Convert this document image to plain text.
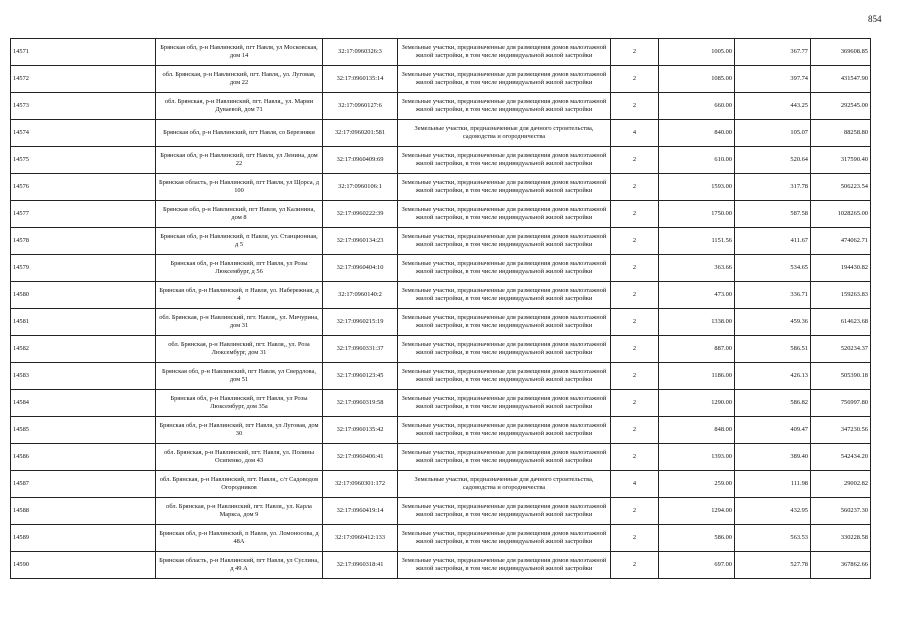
854
14571	Брянская обл, р-н Навлинский, пгт Навля, ул Московская, дом 14	32:17:0960326:3	Земельные участки, предназначенные для размещения домов малоэтажной жилой застройки, в том числе индивидуальной жилой застройки	2	1005.00	367.77	369608.85
14572	обл. Брянская, р-н Навлинский, пгт. Навля,, ул. Луговая, дом 22	32:17:0960135:14	Земельные участки, предназначенные для размещения домов малоэтажной жилой застройки, в том числе индивидуальной жилой застройки	2	1085.00	397.74	431547.90
14573	обл. Брянская, р-н Навлинский, пгт. Навля,, ул. Марии Дуваевой, дом 71	32:17:0960127:6	Земельные участки, предназначенные для размещения домов малоэтажной жилой застройки, в том числе индивидуальной жилой застройки	2	660.00	443.25	292545.00
14574	Брянская обл, р-н Навлинский, пгт Навля, сo Березняки	32:17:0960201:581	Земельные участки, предназначенные для дачного строительства, садоводства и огородничества	4	840.00	105.07	88258.80
14575	Брянская обл, р-н Навлинский, пгт Навля, ул Ленина, дом 22	32:17:0960409:69	Земельные участки, предназначенные для размещения домов малоэтажной жилой застройки, в том числе индивидуальной жилой застройки	2	610.00	520.64	317590.40
14576	Брянская область, р-н Навлинский, пгт Навля, ул Щорса, д 100	32:17:0960106:1	Земельные участки, предназначенные для размещения домов малоэтажной жилой застройки, в том числе индивидуальной жилой застройки	2	1593.00	317.78	506223.54
14577	Брянская обл, р-н Навлинский, пгт Навля, ул Калинина, дом 8	32:17:0960222:39	Земельные участки, предназначенные для размещения домов малоэтажной жилой застройки, в том числе индивидуальной жилой застройки	2	1750.00	587.58	1028265.00
14578	Брянская обл, р-н Навлинский, п Навля, ул. Станционная, д 5	32:17:0960134:23	Земельные участки, предназначенные для размещения домов малоэтажной жилой застройки, в том числе индивидуальной жилой застройки	2	1151.56	411.67	474062.71
14579	Брянская обл, р-н Навлинский, пгт Навля, ул Розы Люксембург, д 56	32:17:0960404:10	Земельные участки, предназначенные для размещения домов малоэтажной жилой застройки, в том числе индивидуальной жилой застройки	2	363.66	534.65	194430.82
14580	Брянская обл, р-н Навлинский, п Навля, ул. Набережная, д 4	32:17:0960140:2	Земельные участки, предназначенные для размещения домов малоэтажной жилой застройки, в том числе индивидуальной жилой застройки	2	473.00	336.71	159263.83
14581	обл. Брянская, р-н Навлинский, пгт. Навля,, ул. Мичурина, дом 31	32:17:0960215:19	Земельные участки, предназначенные для размещения домов малоэтажной жилой застройки, в том числе индивидуальной жилой застройки	2	1338.00	459.36	614623.68
14582	обл. Брянская, р-н Навлинский, пгт. Навля,, ул. Роза Люксембург, дом 31	32:17:0960331:37	Земельные участки, предназначенные для размещения домов малоэтажной жилой застройки, в том числе индивидуальной жилой застройки	2	887.00	586.51	520234.37
14583	Брянская обл, р-н Навлинский, пгт Навля, ул Свердлова, дом 51	32:17:0960123:45	Земельные участки, предназначенные для размещения домов малоэтажной жилой застройки, в том числе индивидуальной жилой застройки	2	1186.00	426.13	505390.18
14584	Брянская обл, р-н Навлинский, пгт Навля, ул Розы Люксембург, дом 35а	32:17:0960319:58	Земельные участки, предназначенные для размещения домов малоэтажной жилой застройки, в том числе индивидуальной жилой застройки	2	1290.00	586.82	756997.80
14585	Брянская обл, р-н Навлинский, пгт Навля, ул Луговая, дом 30	32:17:0960135:42	Земельные участки, предназначенные для размещения домов малоэтажной жилой застройки, в том числе индивидуальной жилой застройки	2	848.00	409.47	347230.56
14586	обл. Брянская, р-н Навлинский, пгт. Навля, ул. Полины Осипенко, дом 43	32:17:0960406:41	Земельные участки, предназначенные для размещения домов малоэтажной жилой застройки, в том числе индивидуальной жилой застройки	2	1393.00	389.40	542434.20
14587	обл. Брянская, р-н Навлинский, пгт. Навля,, с/т Садоводов Огородников	32:17:0960301:172	Земельные участки, предназначенные для дачного строительства, садоводства и огородничества	4	259.00	111.98	29002.82
14588	обл. Брянская, р-н Навлинский, пгт. Навля,, ул. Карла Маркса, дом 9	32:17:0960419:14	Земельные участки, предназначенные для размещения домов малоэтажной жилой застройки, в том числе индивидуальной жилой застройки	2	1294.00	432.95	560237.30
14589	Брянская обл, р-н Навлинский, п Навля, ул. Ломоносова, д 48А	32:17:0960412:133	Земельные участки, предназначенные для размещения домов малоэтажной жилой застройки, в том числе индивидуальной жилой застройки	2	586.00	563.53	330228.58
14590	Брянская область, р-н Навлинский, пгт Навля, ул Суслина, д 49 А	32:17:0960318:41	Земельные участки, предназначенные для размещения домов малоэтажной жилой застройки, в том числе индивидуальной жилой застройки	2	697.00	527.78	367862.66
